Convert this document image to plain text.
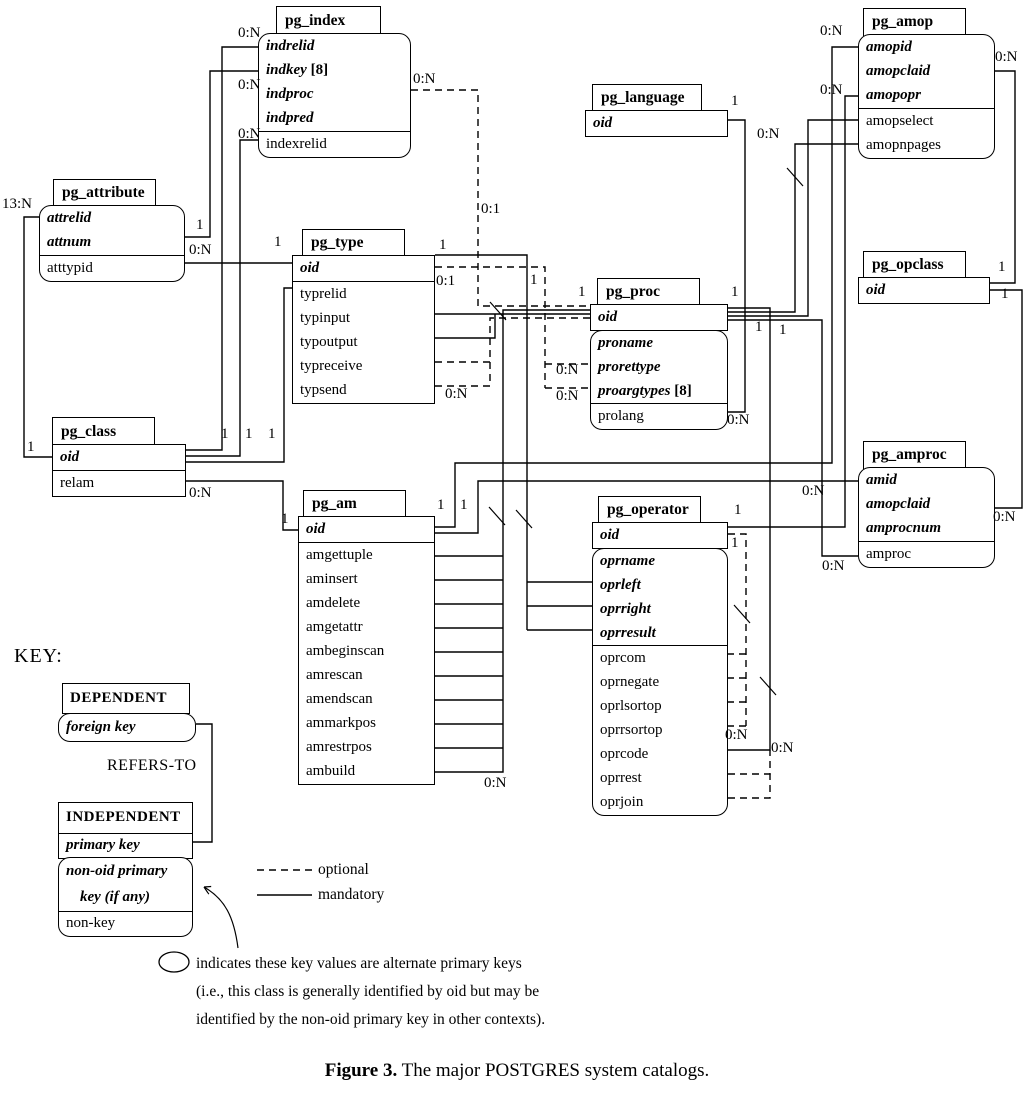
pg_index
indrelid
indkey [8]
indproc
indpred
indexrelid
pg_attribute
attrelid
attnum
atttypid
pg_class
oid
relam
pg_type
oid
typrelid
typinput
typoutput
typreceive
typsend
pg_language
oid
pg_proc
oid
proname
prorettype
proargtypes [8]
prolang
pg_amop
amopid
amopclaid
amopopr
amopselect
amopnpages
pg_opclass
oid
pg_amproc
amid
amopclaid
amprocnum
amproc
pg_am
oid
amgettuple
aminsert
amdelete
amgetattr
ambeginscan
amrescan
amendscan
ammarkpos
amrestrpos
ambuild
pg_operator
oid
oprname
oprleft
oprright
oprresult
oprcom
oprnegate
oprlsortop
oprrsortop
oprcode
oprrest
oprjoin
DEPENDENT
foreign key
INDEPENDENT
primary key
non-oid primary
key (if any)
non-key
13:N
1
0:N
0:N
0:N
1
0:N	1
1 1 1
0:N
1
1
0:1	1
0:N
0:N
0:1
1
0:N
0:N
0:N
0:N
1
1
0:N
0:N
0:N
1	1
0:N
0:N
0:N
1 1
1 1
0:N
1
1
0:N
0:N
KEY:
REFERS-TO
optional
mandatory
indicates these key values are alternate primary keys
(i.e., this class is generally identified by oid but may be
identified by the non-oid primary key in other contexts).
Figure 3. The major POSTGRES system catalogs.
